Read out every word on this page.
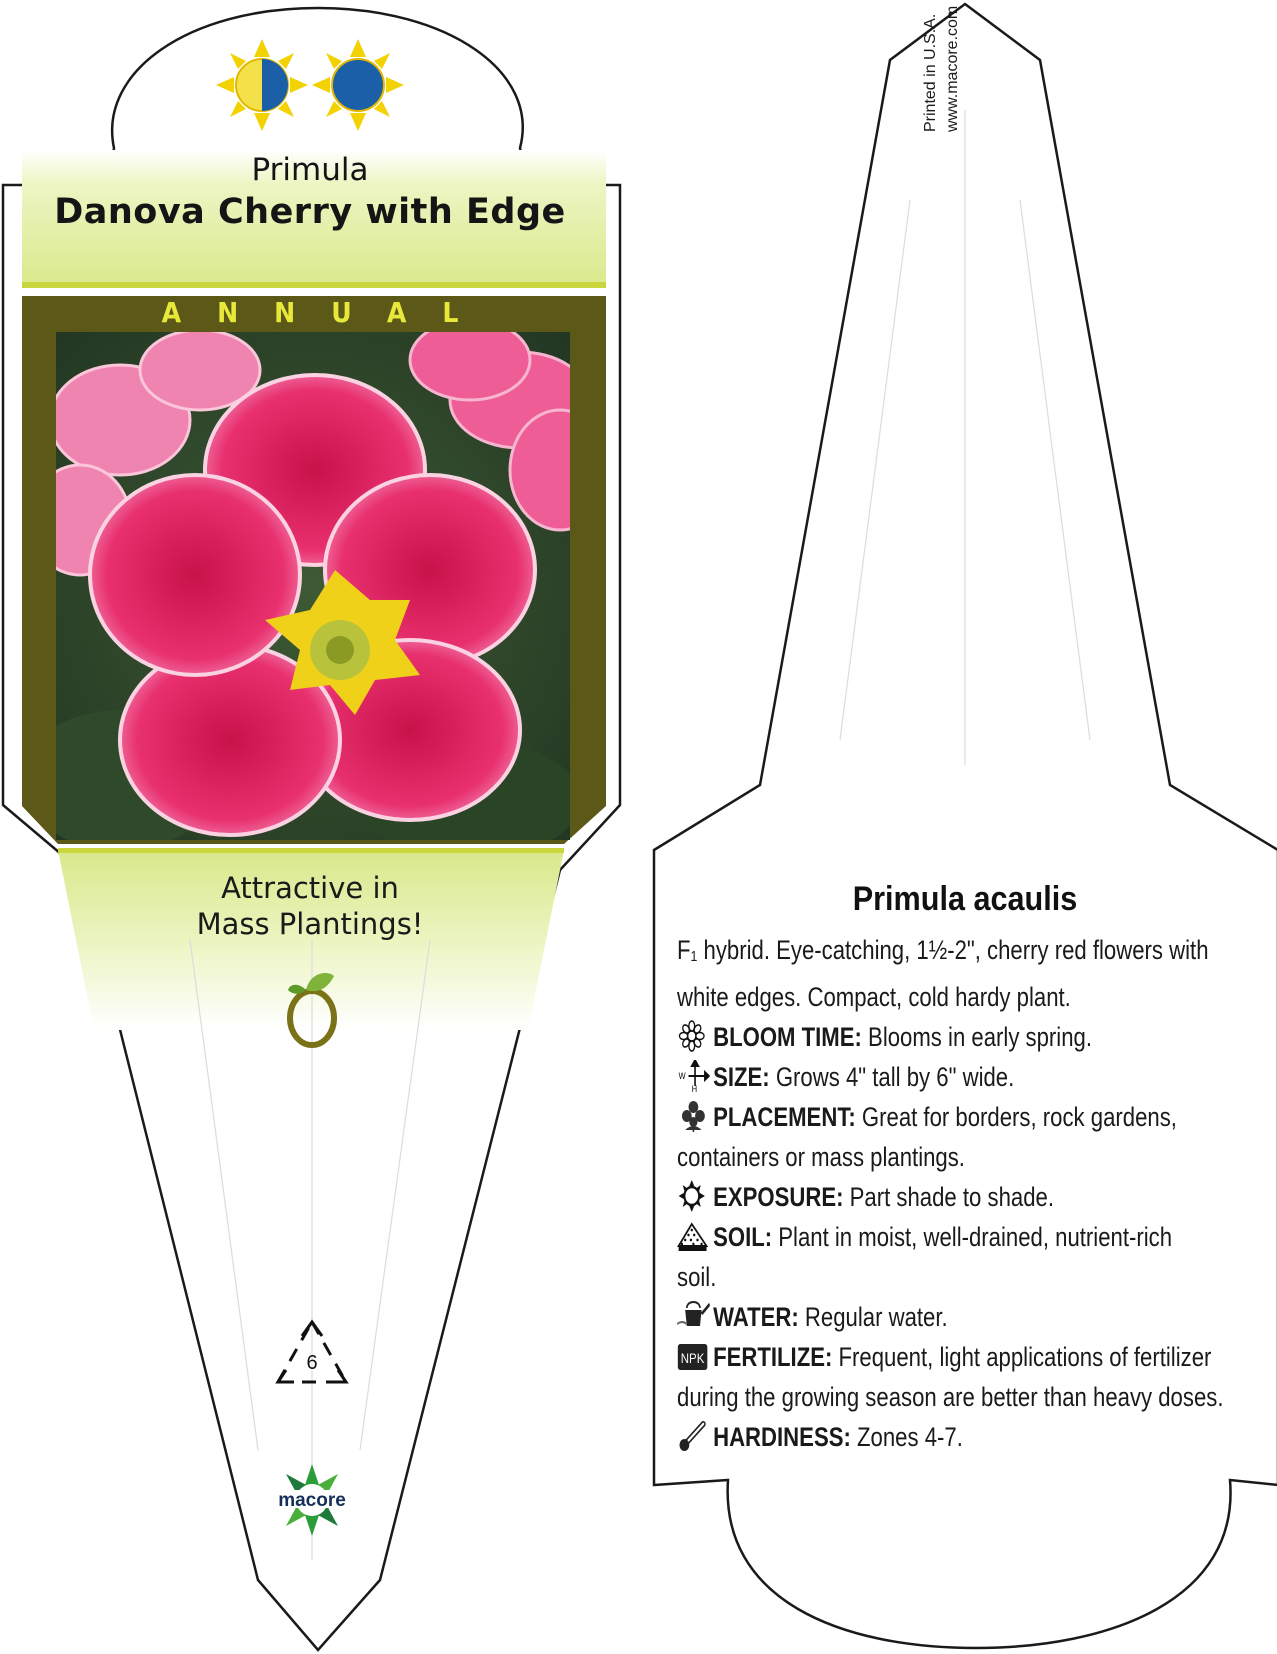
Primula
Danova Cherry with Edge
ANNUAL
Attractive in
Mass Plantings!
6
macore
Printed in U.S.A. www.macore.com
Primula acaulis
F1 hybrid. Eye-catching, 1½-2", cherry red flowers with
white edges. Compact, cold hardy plant.
BLOOM TIME: Blooms in early spring.
W
H SIZE: Grows 4" tall by 6" wide.
PLACEMENT: Great for borders, rock gardens,
containers or mass plantings.
EXPOSURE: Part shade to shade.
SOIL: Plant in moist, well-drained, nutrient-rich
soil.
WATER: Regular water.
NPK FERTILIZE: Frequent, light applications of fertilizer
during the growing season are better than heavy doses.
HARDINESS: Zones 4-7.
